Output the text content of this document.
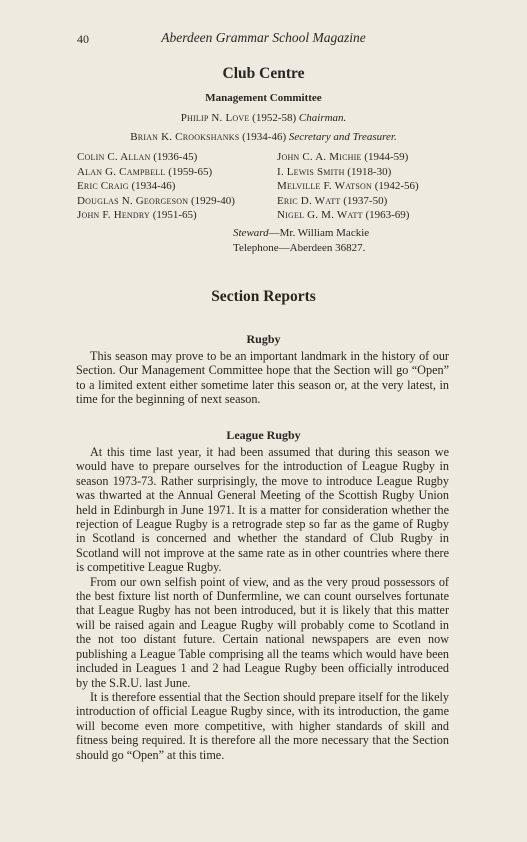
40	Aberdeen Grammar School Magazine
Club Centre
Management Committee
Philip N. Love (1952-58) Chairman.
Brian K. Crookshanks (1934-46) Secretary and Treasurer.
Colin C. Allan (1936-45)
Alan G. Campbell (1959-65)
Eric Craig (1934-46)
Douglas N. Georgeson (1929-40)
John F. Hendry (1951-65)
John C. A. Michie (1944-59)
I. Lewis Smith (1918-30)
Melville F. Watson (1942-56)
Eric D. Watt (1937-50)
Nigel G. M. Watt (1963-69)
Steward—Mr. William Mackie
Telephone—Aberdeen 36827.
Section Reports
Rugby

This season may prove to be an important landmark in the history of our Section. Our Management Committee hope that the Section will go “Open” to a limited extent either sometime later this season or, at the very latest, in time for the beginning of next season.

League Rugby

At this time last year, it had been assumed that during this season we would have to prepare ourselves for the introduction of League Rugby in season 1973-73. Rather surprisingly, the move to introduce League Rugby was thwarted at the Annual General Meeting of the Scottish Rugby Union held in Edinburgh in June 1971. It is a matter for consideration whether the rejection of League Rugby is a retrograde step so far as the game of Rugby in Scotland is concerned and whether the standard of Club Rugby in Scotland will not improve at the same rate as in other countries where there is competitive League Rugby.

From our own selfish point of view, and as the very proud possessors of the best fixture list north of Dunfermline, we can count ourselves fortunate that League Rugby has not been introduced, but it is likely that this matter will be raised again and League Rugby will probably come to Scotland in the not too distant future. Certain national newspapers are even now publishing a League Table comprising all the teams which would have been included in Leagues 1 and 2 had League Rugby been officially introduced by the S.R.U. last June.

It is therefore essential that the Section should prepare itself for the likely introduction of official League Rugby since, with its introduction, the game will become even more competitive, with higher standards of skill and fitness being required. It is therefore all the more necessary that the Section should go “Open” at this time.
